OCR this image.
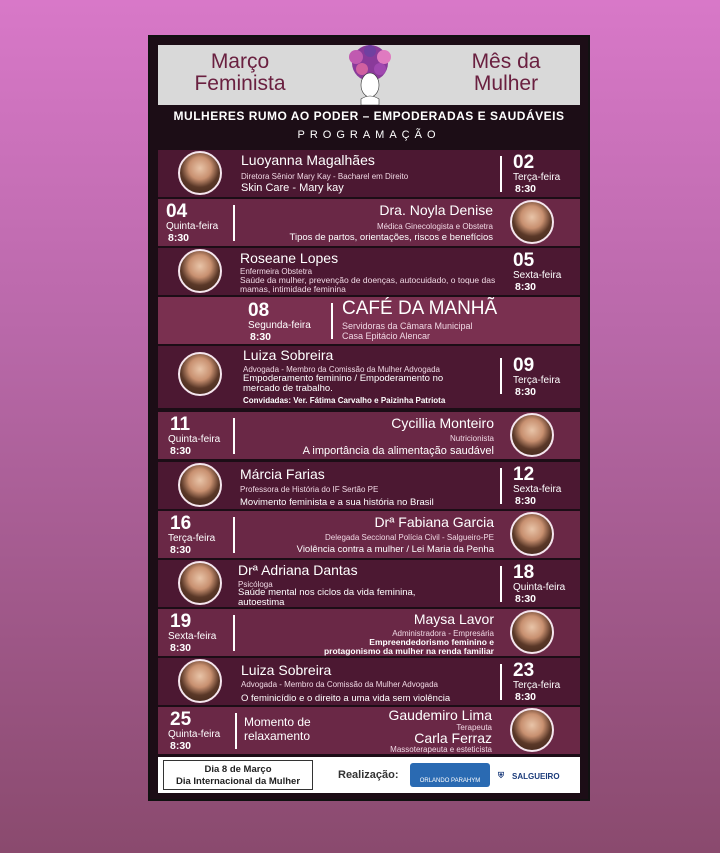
Março
Feminista
Mês da
Mulher
MULHERES RUMO AO PODER – EMPODERADAS E SAUDÁVEIS
PROGRAMAÇÃO
Luoyanna Magalhães
Diretora Sênior Mary Kay - Bacharel em Direito
Skin Care - Mary kay
02
Terça-feira
8:30
04
Quinta-feira
8:30
Dra. Noyla Denise
Médica Ginecologista e Obstetra
Tipos de partos, orientações, riscos e benefícios
Roseane Lopes
Enfermeira Obstetra
Saúde da mulher, prevenção de doenças, autocuidado, o toque das mamas, intimidade feminina
05
Sexta-feira
8:30
08
Segunda-feira
8:30
CAFÉ DA MANHÃ
Servidoras da Câmara Municipal
Casa Epitácio Alencar
Luiza Sobreira
Advogada - Membro da Comissão da Mulher Advogada
Empoderamento feminino / Empoderamento no mercado de trabalho.
Convidadas: Ver. Fátima Carvalho e Paizinha Patriota
09
Terça-feira
8:30
11
Quinta-feira
8:30
Cycillia Monteiro
Nutricionista
A importância da alimentação saudável
Márcia Farias
Professora de História do IF Sertão PE
Movimento feminista e a sua história no Brasil
12
Sexta-feira
8:30
16
Terça-feira
8:30
Drª Fabiana Garcia
Delegada Seccional Polícia Civil - Salgueiro-PE
Violência contra a mulher / Lei Maria da Penha
Drª Adriana Dantas
Psicóloga
Saúde mental nos ciclos da vida feminina, autoestima
18
Quinta-feira
8:30
19
Sexta-feira
8:30
Maysa Lavor
Administradora - Empresária
Empreendedorismo feminino e protagonismo da mulher na renda familiar
Luiza Sobreira
Advogada - Membro da Comissão da Mulher Advogada
O feminicídio e o direito a uma vida sem violência
23
Terça-feira
8:30
25
Quinta-feira
8:30
Momento de relaxamento
Gaudemiro Lima
Terapeuta
Carla Ferraz
Massoterapeuta e esteticista
Dia 8 de Março
Dia Internacional da Mulher
Realização:	ORLANDO PARAHYM
⛨ SALGUEIRO
